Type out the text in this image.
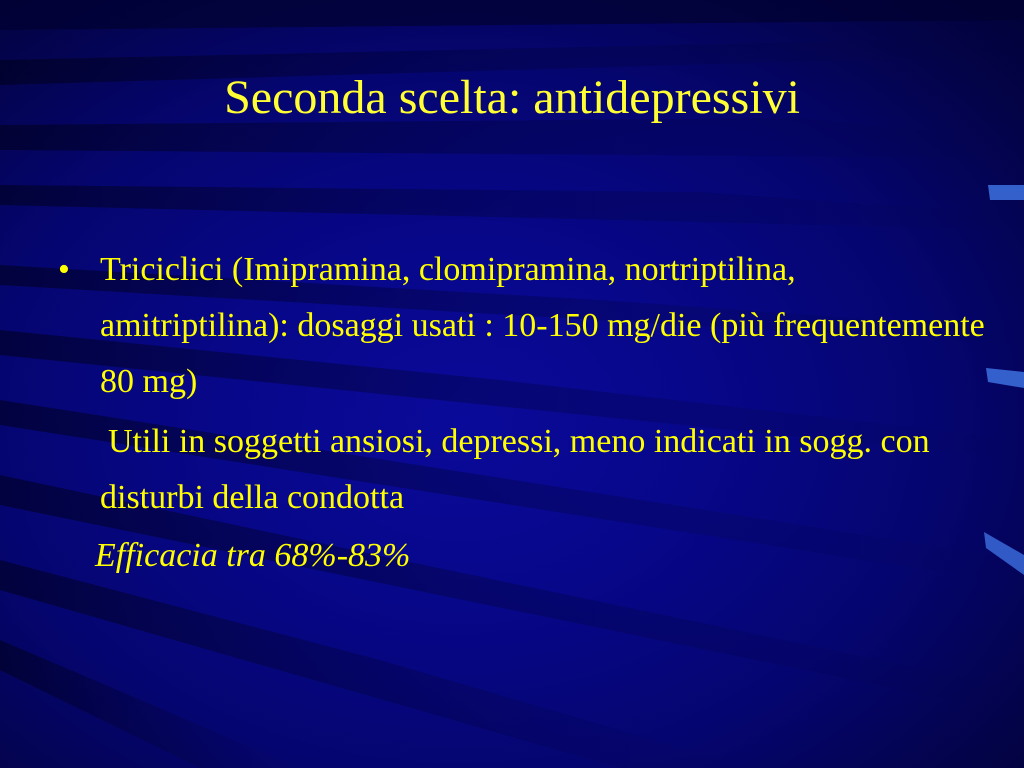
Seconda scelta: antidepressivi
• Triciclici (Imipramina, clomipramina, nortriptilina, amitriptilina): dosaggi usati : 10-150 mg/die (più frequentemente 80 mg)

Utili in soggetti ansiosi, depressi, meno indicati in sogg. con disturbi della condotta

Efficacia tra 68%-83%
